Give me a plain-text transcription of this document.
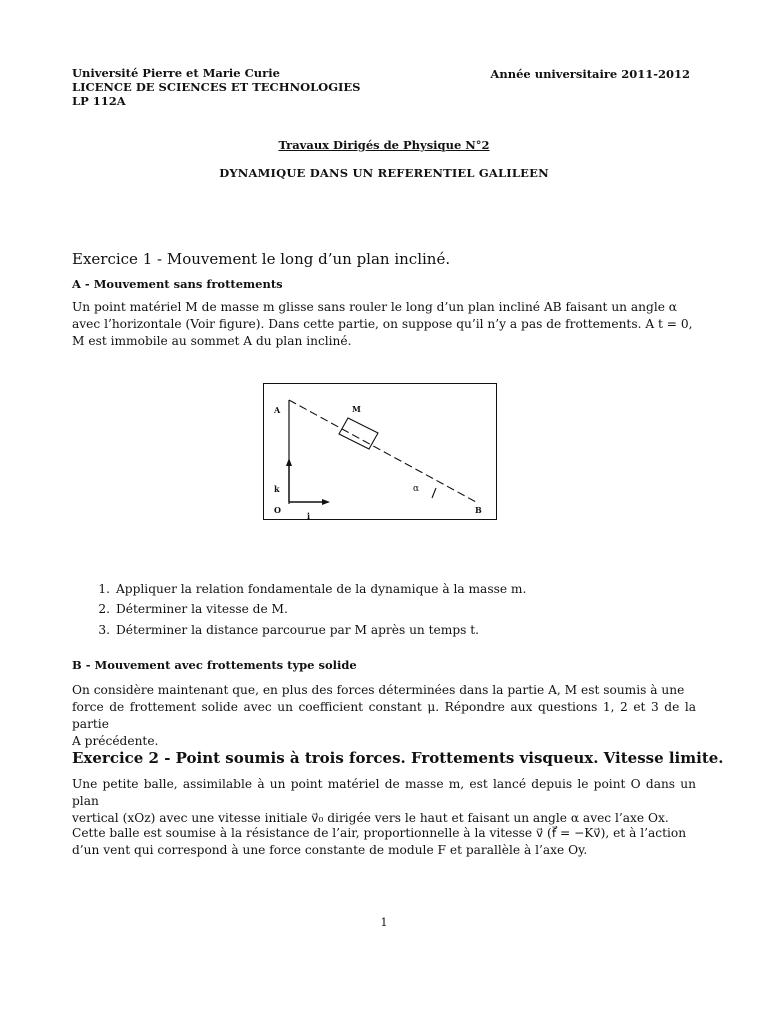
Université Pierre et Marie Curie
LICENCE DE SCIENCES ET TECHNOLOGIES
LP 112A
Année universitaire 2011-2012
Travaux Dirigés de Physique N°2
DYNAMIQUE DANS UN REFERENTIEL GALILEEN
Exercice 1 - Mouvement le long d’un plan incliné.
A - Mouvement sans frottements
Un point matériel M de masse m glisse sans rouler le long d’un plan incliné AB faisant un angle α
avec l’horizontale (Voir figure). Dans cette partie, on suppose qu’il n’y a pas de frottements. A t = 0,
M est immobile au sommet A du plan incliné.
A	M
k
O
i
α
B
1. Appliquer la relation fondamentale de la dynamique à la masse m.
2. Déterminer la vitesse de M.
3. Déterminer la distance parcourue par M après un temps t.
B - Mouvement avec frottements type solide
On considère maintenant que, en plus des forces déterminées dans la partie A, M est soumis à une
force de frottement solide avec un coefficient constant μ. Répondre aux questions 1, 2 et 3 de la partie
A précédente.
Exercice 2 - Point soumis à trois forces. Frottements visqueux. Vitesse limite.
Une petite balle, assimilable à un point matériel de masse m, est lancé depuis le point O dans un plan
vertical (xOz) avec une vitesse initiale v⃗₀ dirigée vers le haut et faisant un angle α avec l’axe Ox.
Cette balle est soumise à la résistance de l’air, proportionnelle à la vitesse v⃗ (f⃗ = −Kv⃗), et à l’action
d’un vent qui correspond à une force constante de module F et parallèle à l’axe Oy.
1
